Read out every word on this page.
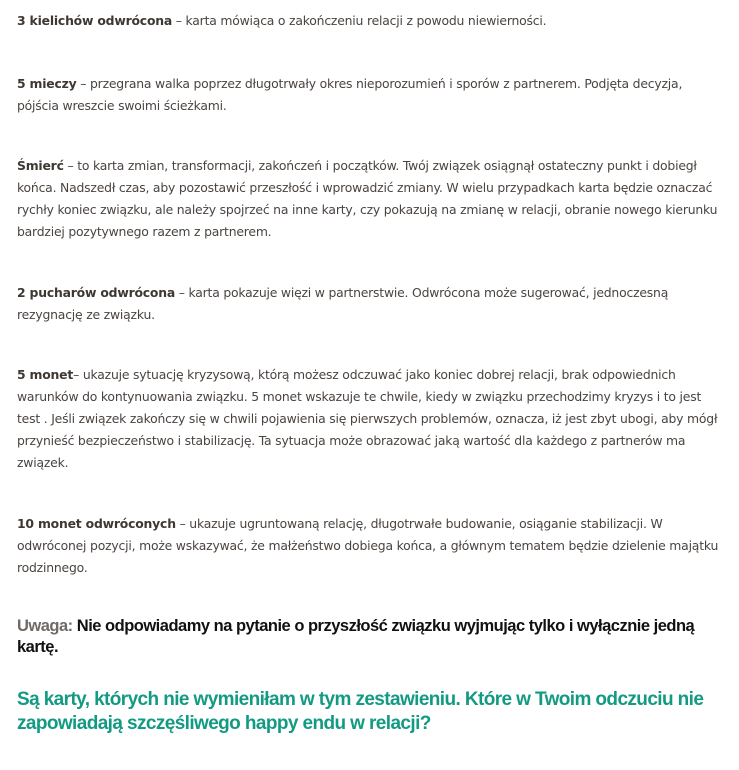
3 kielichów odwrócona – karta mówiąca o zakończeniu relacji z powodu niewierności.

5 mieczy – przegrana walka poprzez długotrwały okres nieporozumień i sporów z partnerem. Podjęta decyzja, pójścia wreszcie swoimi ścieżkami.

Śmierć – to karta zmian, transformacji, zakończeń i początków. Twój związek osiągnął ostateczny punkt i dobiegł końca. Nadszedł czas, aby pozostawić przeszłość i wprowadzić zmiany. W wielu przypadkach karta będzie oznaczać rychły koniec związku, ale należy spojrzeć na inne karty, czy pokazują na zmianę w relacji, obranie nowego kierunku bardziej pozytywnego razem z partnerem.

2 pucharów odwrócona – karta pokazuje więzi w partnerstwie. Odwrócona może sugerować, jednoczesną rezygnację ze związku.

5 monet– ukazuje sytuację kryzysową, którą możesz odczuwać jako koniec dobrej relacji, brak odpowiednich warunków do kontynuowania związku. 5 monet wskazuje te chwile, kiedy w związku przechodzimy kryzys i to jest test . Jeśli związek zakończy się w chwili pojawienia się pierwszych problemów, oznacza, iż jest zbyt ubogi, aby mógł przynieść bezpieczeństwo i stabilizację. Ta sytuacja może obrazować jaką wartość dla każdego z partnerów ma związek.

10 monet odwróconych – ukazuje ugruntowaną relację, długotrwałe budowanie, osiąganie stabilizacji. W odwróconej pozycji, może wskazywać, że małżeństwo dobiega końca, a głównym tematem będzie dzielenie majątku rodzinnego.

Uwaga: Nie odpowiadamy na pytanie o przyszłość związku wyjmując tylko i wyłącznie jedną kartę.

Są karty, których nie wymieniłam w tym zestawieniu. Które w Twoim odczuciu nie zapowiadają szczęśliwego happy endu w relacji?
